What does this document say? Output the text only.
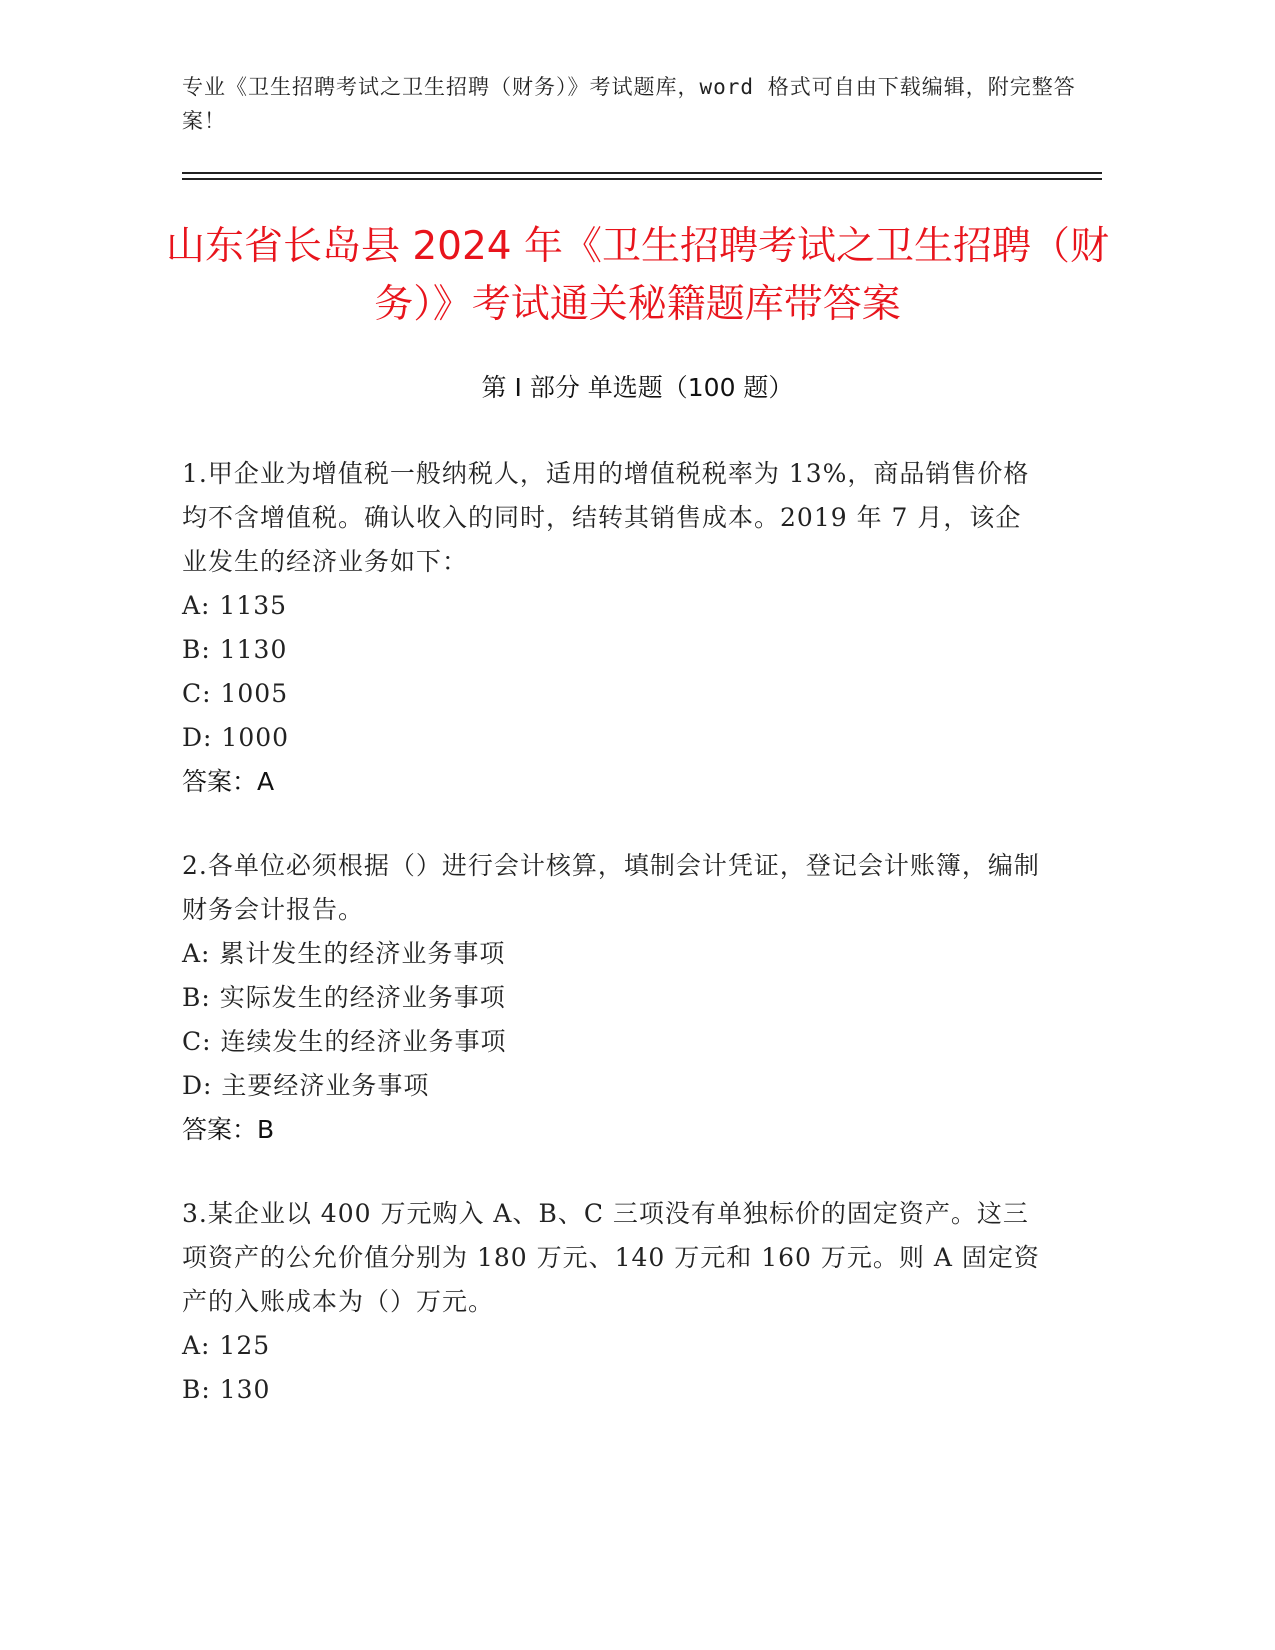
专业《卫生招聘考试之卫生招聘（财务）》考试题库，word 格式可自由下载编辑，附完整答案！
山东省长岛县 2024 年《卫生招聘考试之卫生招聘（财务）》考试通关秘籍题库带答案
第 I 部分 单选题（100 题）
1.甲企业为增值税一般纳税人，适用的增值税税率为 13%，商品销售价格均不含增值税。确认收入的同时，结转其销售成本。2019 年 7 月，该企业发生的经济业务如下：
A: 1135
B: 1130
C: 1005
D: 1000
答案：A
2.各单位必须根据（）进行会计核算，填制会计凭证，登记会计账簿，编制财务会计报告。
A: 累计发生的经济业务事项
B: 实际发生的经济业务事项
C: 连续发生的经济业务事项
D: 主要经济业务事项
答案：B
3.某企业以 400 万元购入 A、B、C 三项没有单独标价的固定资产。这三项资产的公允价值分别为 180 万元、140 万元和 160 万元。则 A 固定资产的入账成本为（）万元。
A: 125
B: 130
